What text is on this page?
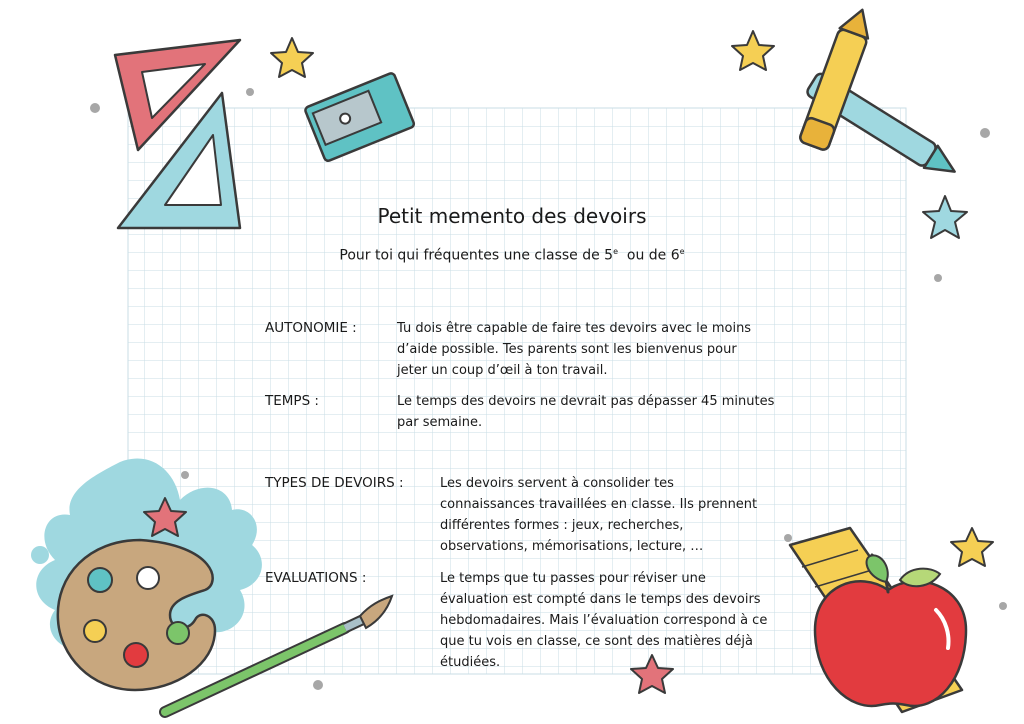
Petit memento des devoirs
Pour toi qui fréquentes une classe de 5e  ou de 6e
AUTONOMIE :	Tu dois être capable de faire tes devoirs avec le moins
d’aide possible. Tes parents sont les bienvenus pour
jeter un coup d’œil à ton travail.
TEMPS :	Le temps des devoirs ne devrait pas dépasser 45 minutes
par semaine.
TYPES DE DEVOIRS :	Les devoirs servent à consolider tes
connaissances travaillées en classe. Ils prennent
différentes formes : jeux, recherches,
observations, mémorisations, lecture, …
EVALUATIONS :	Le temps que tu passes pour réviser une
évaluation est compté dans le temps des devoirs
hebdomadaires. Mais l’évaluation correspond à ce
que tu vois en classe, ce sont des matières déjà
étudiées.
